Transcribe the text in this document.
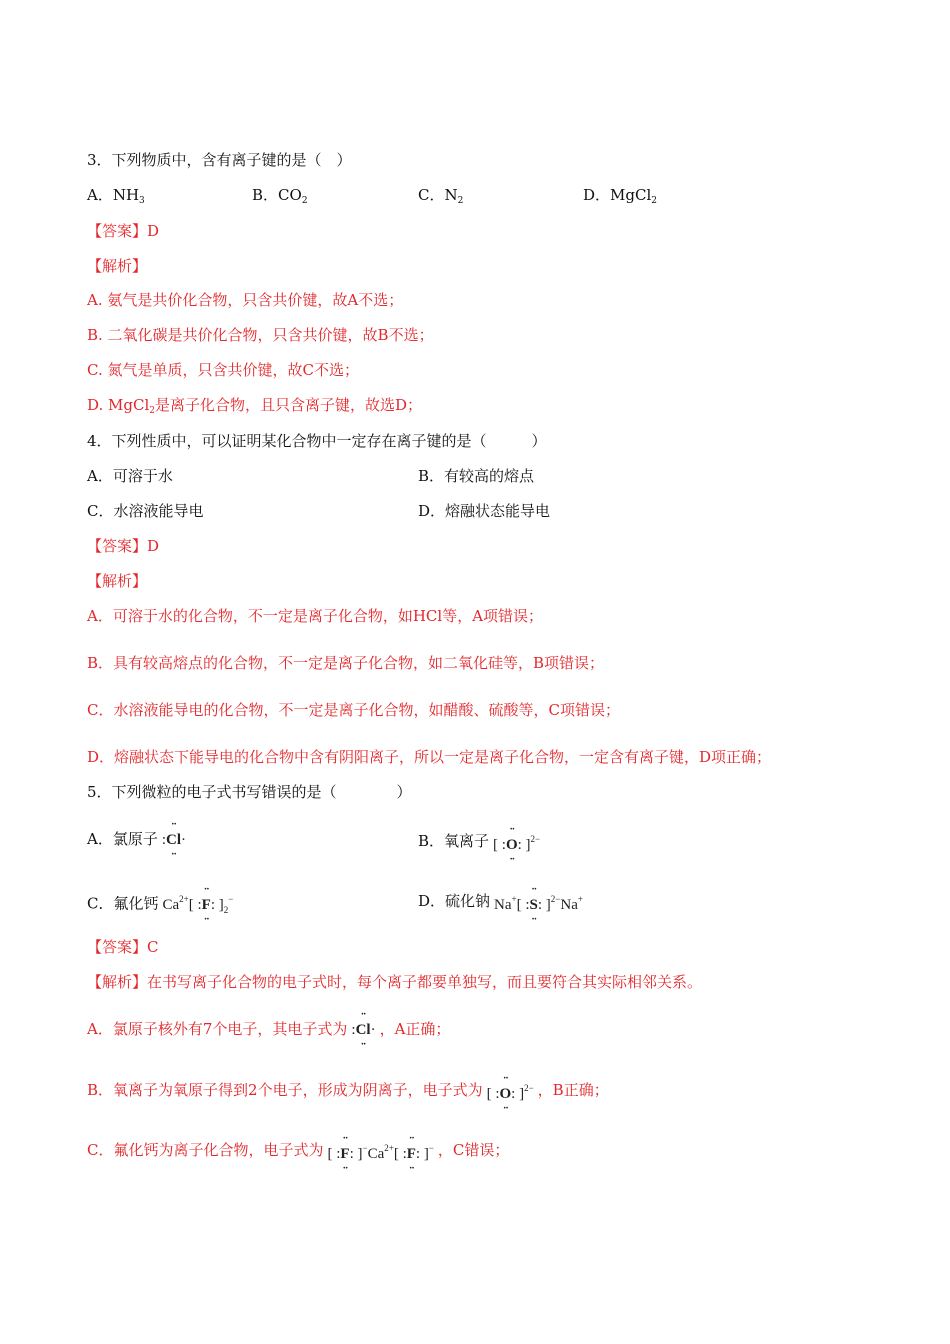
3．下列物质中，含有离子键的是（　）
A．$NH_3$	B．$CO_2$	C．$N_2$	D．MgCl$_2$
【答案】D
【解析】
A. 氨气是共价化合物，只含共价键，故A不选；
B. 二氧化碳是共价化合物，只含共价键，故B不选；
C. 氮气是单质，只含共价键，故C不选；
D. MgCl$_2$是离子化合物，且只含离子键，故选D；
4．下列性质中，可以证明某化合物中一定存在离子键的是（　　　）
A．可溶于水	B．有较高的熔点
C．水溶液能导电	D．熔融状态能导电
【答案】D
【解析】
A．可溶于水的化合物，不一定是离子化合物，如HCl等，A项错误；
B．具有较高熔点的化合物，不一定是离子化合物，如二氧化硅等，B项错误；
C．水溶液能导电的化合物，不一定是离子化合物，如醋酸、硫酸等，C项错误；
D．熔融状态下能导电的化合物中含有阴阳离子，所以一定是离子化合物，一定含有离子键，D项正确；
5．下列微粒的电子式书写错误的是（　　　　）
A．氯原子 :·· Cl ···	B．氧离子 [ :·· O ··: ]$^{2-}$
C．氟化钙 $Ca^{2+}$[ :·· F ··: ]$_2^-$	D．硫化钠 Na+[ :·· S ··: ]$^{2-}$Na+
【答案】C
【解析】在书写离子化合物的电子式时，每个离子都要单独写，而且要符合其实际相邻关系。
A．氯原子核外有7个电子，其电子式为 :·· Cl ··· ，A正确；
B．氧离子为氧原子得到2个电子，形成为阴离子，电子式为 [ :·· O ··: ]$^{2-}$ ，B正确；
C．氟化钙为离子化合物，电子式为 [ :·· F ··: ]$^-Ca^{2+}$[ :·· F ··: ]− ，C错误；
